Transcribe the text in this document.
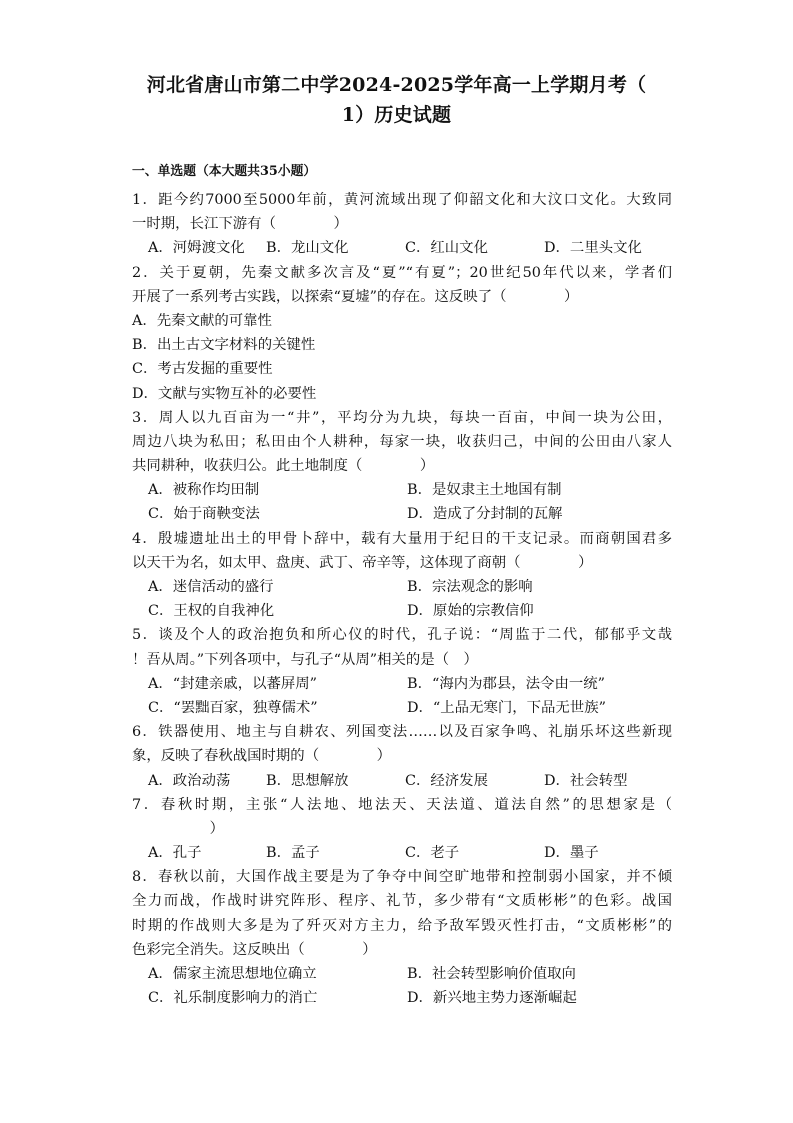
河北省唐山市第二中学2024-2025学年高一上学期月考（
1）历史试题
一、单选题（本大题共35小题）
1．距今约7000至5000年前，黄河流域出现了仰韶文化和大汶口文化。大致同
一时期，长江下游有（　　　　）
A．河姆渡文化	B．龙山文化	C．红山文化	D．二里头文化
2．关于夏朝，先秦文献多次言及“夏”“有夏”；20世纪50年代以来，学者们
开展了一系列考古实践，以探索“夏墟”的存在。这反映了（　　　　）
A．先秦文献的可靠性
B．出土古文字材料的关键性
C．考古发掘的重要性
D．文献与实物互补的必要性
3．周人以九百亩为一“井”，平均分为九块，每块一百亩，中间一块为公田，
周边八块为私田；私田由个人耕种，每家一块，收获归己，中间的公田由八家人
共同耕种，收获归公。此土地制度（　　　　）
A．被称作均田制	B．是奴隶主土地国有制
C．始于商鞅变法	D．造成了分封制的瓦解
4．殷墟遗址出土的甲骨卜辞中，载有大量用于纪日的干支记录。而商朝国君多
以天干为名，如太甲、盘庚、武丁、帝辛等，这体现了商朝（　　　　）
A．迷信活动的盛行	B．宗法观念的影响
C．王权的自我神化	D．原始的宗教信仰
5．谈及个人的政治抱负和所心仪的时代，孔子说：“周监于二代，郁郁乎文哉
！吾从周。”下列各项中，与孔子“从周”相关的是（　）
A．“封建亲戚，以蕃屏周”	B．“海内为郡县，法令由一统”
C．“罢黜百家，独尊儒术”	D．“上品无寒门，下品无世族”
6．铁器使用、地主与自耕农、列国变法……以及百家争鸣、礼崩乐坏这些新现
象，反映了春秋战国时期的（　　　　）
A．政治动荡	B．思想解放	C．经济发展	D．社会转型
7．春秋时期，主张“人法地、地法天、天法道、道法自然”的思想家是（
　　　　）
A．孔子	B．孟子	C．老子	D．墨子
8．春秋以前，大国作战主要是为了争夺中间空旷地带和控制弱小国家，并不倾
全力而战，作战时讲究阵形、程序、礼节，多少带有“文质彬彬”的色彩。战国
时期的作战则大多是为了歼灭对方主力，给予敌军毁灭性打击，“文质彬彬”的
色彩完全消失。这反映出（　　　　）
A．儒家主流思想地位确立	B．社会转型影响价值取向
C．礼乐制度影响力的消亡	D．新兴地主势力逐渐崛起
